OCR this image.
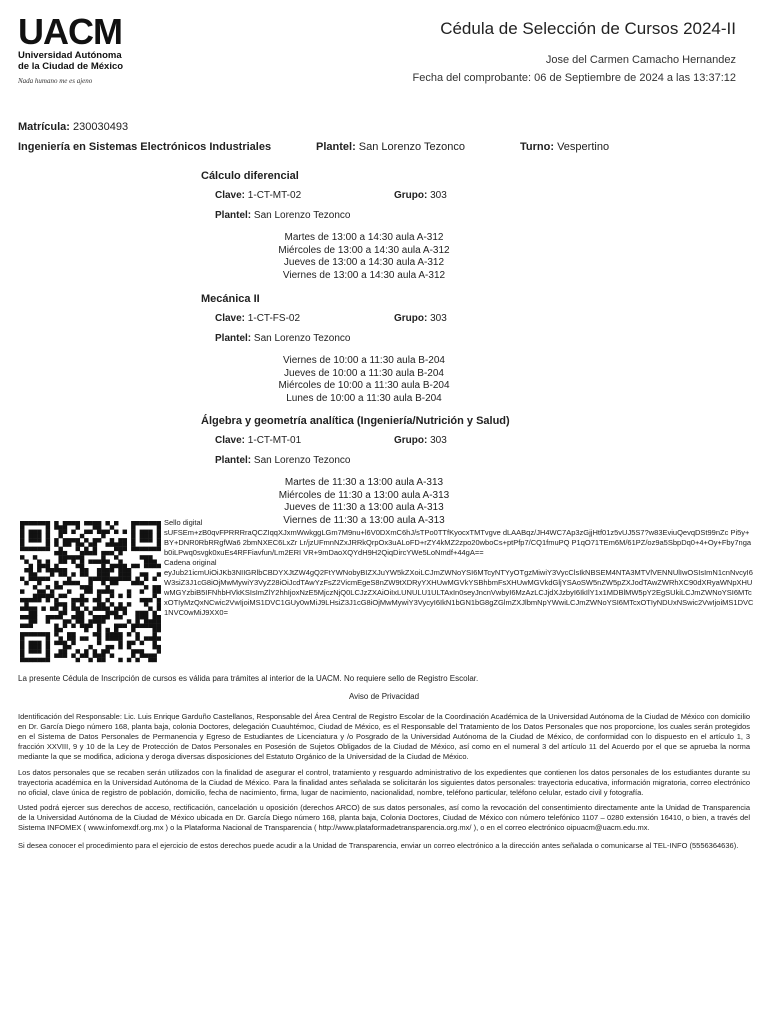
UACM
Universidad Autónoma
de la Ciudad de México
Nada humano me es ajeno
Cédula de Selección de Cursos 2024-II
Jose del Carmen Camacho Hernandez
Fecha del comprobante: 06 de Septiembre de 2024 a las 13:37:12
Matrícula: 230030493
Ingeniería en Sistemas Electrónicos Industriales	Plantel: San Lorenzo Tezonco	Turno: Vespertino
Cálculo diferencial
Clave: 1-CT-MT-02	Grupo: 303
Plantel: San Lorenzo Tezonco
Martes de 13:00 a 14:30 aula A-312
Miércoles de 13:00 a 14:30 aula A-312
Jueves de 13:00 a 14:30 aula A-312
Viernes de 13:00 a 14:30 aula A-312
Mecánica II
Clave: 1-CT-FS-02	Grupo: 303
Plantel: San Lorenzo Tezonco
Viernes de 10:00 a 11:30 aula B-204
Jueves de 10:00 a 11:30 aula B-204
Miércoles de 10:00 a 11:30 aula B-204
Lunes de 10:00 a 11:30 aula B-204
Álgebra y geometría analítica (Ingeniería/Nutrición y Salud)
Clave: 1-CT-MT-01	Grupo: 303
Plantel: San Lorenzo Tezonco
Martes de 11:30 a 13:00 aula A-313
Miércoles de 11:30 a 13:00 aula A-313
Jueves de 11:30 a 13:00 aula A-313
Viernes de 11:30 a 13:00 aula A-313
Sello digital
sUFSEm+zB0qvFPRRRraQCZIqqXJxmWwkggLGm7M9nu+l6V0DXmC6hJ/sTPo0TTfKyocxTMTvgve dLAABqz/JH4WC7Ap3zGjjHtf01z5vUJ5S7?w83EviuQevqDSt99nZc Pi5y+BY+DNR0RbRRgfWa6 2bmNXEC6LxZr Lr/jzUFmnNZxJRRkQrpOx3uALoFD+rZY4kMZ2zpo20wboCs+ptPfp7/CQ1fmuPQ P1qO71TEm6M/61PZ/oz9a5SbpDq0+4+Oy+Fby7ngab0iLPwq0svgk0xuEs4RFFiavfun/Lm2ERI VR+9mDaoXQYdH9H2QiqDircYWe5LoNmdf+44gA==
Cadena original
eyJub21icmUiOiJKb3NIIGRlbCBDYXJtZW4gQ2FtYWNobyBIZXJuYW5kZXoiLCJmZWNoYSI6MTcyNTYyOTgzMiwiY3VycClsIkNBSEM4NTA3MTVlVENNUlIwOSIsImN1cnNvcyI6W3siZ3J1cG8iOjMwMywiY3VyZ28iOiJcdTAwYzFsZ2VicmEgeS8nZW9tXDRyYXHUwMGVkYSBhbmFsXHUwMGVkdGljYSAoSW5nZW5pZXJodTAwZWRhXC90dXRyaWNpXHUwMGYzbiB5IFNhbHVkKSIsImZlY2hhIjoxNzE5MjczNjQ0LCJzZXAiOiIxLUNULU1ULTAxIn0seyJncnVwbyI6MzAzLCJjdXJzbyI6IkIlY1x1MDBlMW5pY2EgSUkiLCJmZWNoYSI6MTcxOTIyMzQxNCwic2VwIjoiMS1DVC1GUy0wMiJ9LHsiZ3J1cG8iOjMwMywiY3VycyI6IkN1bGN1bG8gZGlmZXJlbmNpYWwiLCJmZWNoYSI6MTcxOTIyNDUxNSwic2VwIjoiMS1DVC1NVC0wMiJ9XX0=
La presente Cédula de Inscripción de cursos es válida para trámites al interior de la UACM. No requiere sello de Registro Escolar.
Aviso de Privacidad
Identificación del Responsable: Lic. Luis Enrique Garduño Castellanos, Responsable del Área Central de Registro Escolar de la Coordinación Académica de la Universidad Autónoma de la Ciudad de México con domicilio en Dr. García Diego número 168, planta baja, colonia Doctores, delegación Cuauhtémoc, Ciudad de México, es el Responsable del Tratamiento de los Datos Personales que nos proporcione, los cuales serán protegidos en el Sistema de Datos Personales de Permanencia y Egreso de Estudiantes de Licenciatura y /o Posgrado de la Universidad Autónoma de la Ciudad de México, de conformidad con lo dispuesto en el artículo 1, 3 fracción XXVIII, 9 y 10 de la Ley de Protección de Datos Personales en Posesión de Sujetos Obligados de la Ciudad de México, así como en el numeral 3 del artículo 11 del Acuerdo por el que se aprueba la norma mediante la que se modifica, adiciona y deroga diversas disposiciones del Estatuto Orgánico de la Universidad de la Ciudad de México.
Los datos personales que se recaben serán utilizados con la finalidad de asegurar el control, tratamiento y resguardo administrativo de los expedientes que contienen los datos personales de los estudiantes durante su trayectoria académica en la Universidad Autónoma de la Ciudad de México. Para la finalidad antes señalada se solicitarán los siguientes datos personales: trayectoria educativa, información migratoria, correo electrónico no oficial, clave única de registro de población, domicilio, fecha de nacimiento, firma, lugar de nacimiento, nacionalidad, nombre, teléfono particular, teléfono celular, estado civil y fotografía.
Usted podrá ejercer sus derechos de acceso, rectificación, cancelación u oposición (derechos ARCO) de sus datos personales, así como la revocación del consentimiento directamente ante la Unidad de Transparencia de la Universidad Autónoma de la Ciudad de México ubicada en Dr. García Diego número 168, planta baja, Colonia Doctores, Ciudad de México con número telefónico 1107 – 0280 extensión 16410, o bien, a través del Sistema INFOMEX ( www.infomexdf.org.mx ) o la Plataforma Nacional de Transparencia ( http://www.plataformadetransparencia.org.mx/ ), o en el correo electrónico oipuacm@uacm.edu.mx.
Si desea conocer el procedimiento para el ejercicio de estos derechos puede acudir a la Unidad de Transparencia, enviar un correo electrónico a la dirección antes señalada o comunicarse al TEL-INFO (5556364636).
